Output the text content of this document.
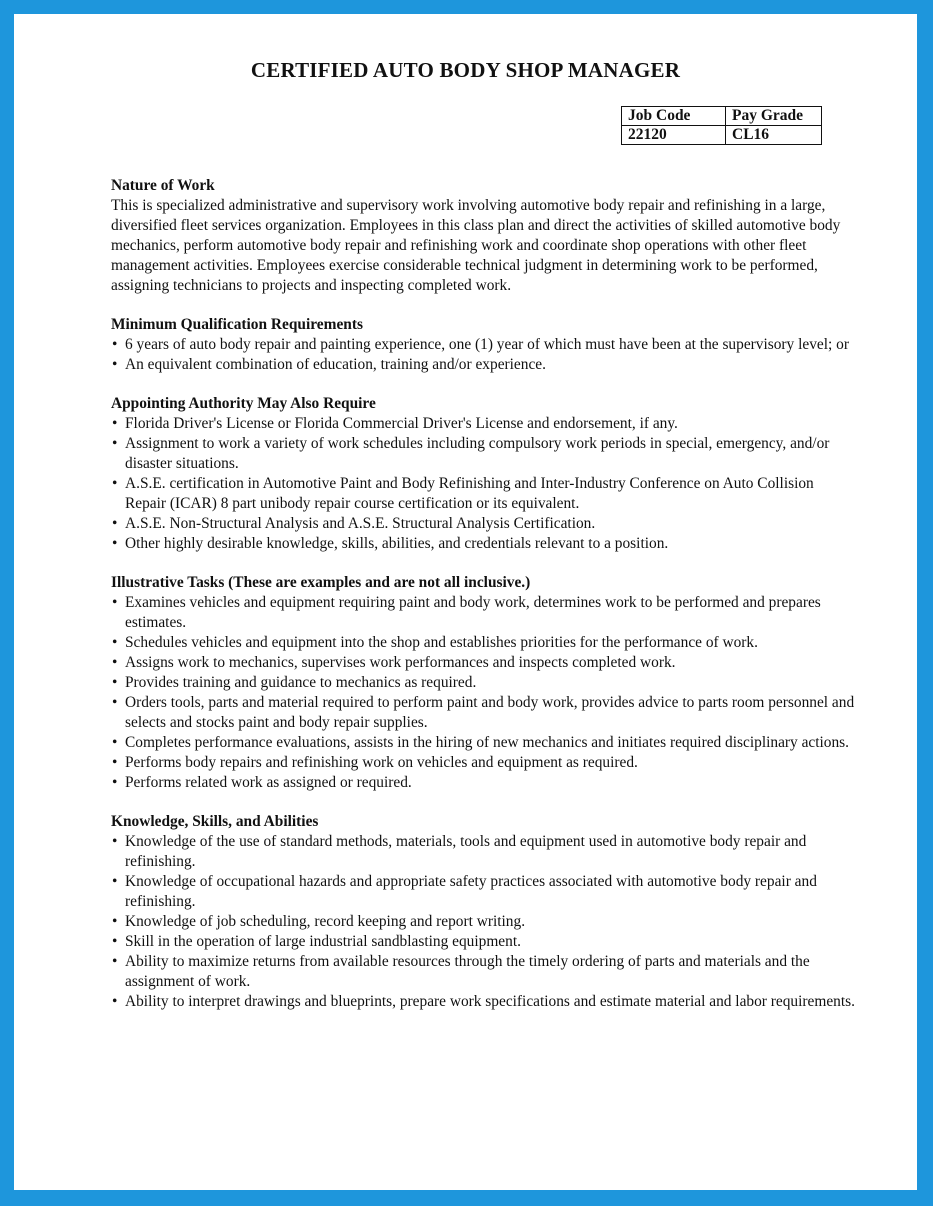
CERTIFIED AUTO BODY SHOP MANAGER
Job Code	Pay Grade
22120	CL16
Nature of Work

This is specialized administrative and supervisory work involving automotive body repair and refinishing in a large, diversified fleet services organization. Employees in this class plan and direct the activities of skilled automotive body mechanics, perform automotive body repair and refinishing work and coordinate shop operations with other fleet management activities. Employees exercise considerable technical judgment in determining work to be performed, assigning technicians to projects and inspecting completed work.

Minimum Qualification Requirements
• 6 years of auto body repair and painting experience, one (1) year of which must have been at the supervisory level; or
• An equivalent combination of education, training and/or experience.
Appointing Authority May Also Require
• Florida Driver's License or Florida Commercial Driver's License and endorsement, if any.
• Assignment to work a variety of work schedules including compulsory work periods in special, emergency, and/or disaster situations.
• A.S.E. certification in Automotive Paint and Body Refinishing and Inter-Industry Conference on Auto Collision Repair (ICAR) 8 part unibody repair course certification or its equivalent.
• A.S.E. Non-Structural Analysis and A.S.E. Structural Analysis Certification.
• Other highly desirable knowledge, skills, abilities, and credentials relevant to a position.
Illustrative Tasks (These are examples and are not all inclusive.)
• Examines vehicles and equipment requiring paint and body work, determines work to be performed and prepares estimates.
• Schedules vehicles and equipment into the shop and establishes priorities for the performance of work.
• Assigns work to mechanics, supervises work performances and inspects completed work.
• Provides training and guidance to mechanics as required.
• Orders tools, parts and material required to perform paint and body work, provides advice to parts room personnel and selects and stocks paint and body repair supplies.
• Completes performance evaluations, assists in the hiring of new mechanics and initiates required disciplinary actions.
• Performs body repairs and refinishing work on vehicles and equipment as required.
• Performs related work as assigned or required.
Knowledge, Skills, and Abilities
• Knowledge of the use of standard methods, materials, tools and equipment used in automotive body repair and refinishing.
• Knowledge of occupational hazards and appropriate safety practices associated with automotive body repair and refinishing.
• Knowledge of job scheduling, record keeping and report writing.
• Skill in the operation of large industrial sandblasting equipment.
• Ability to maximize returns from available resources through the timely ordering of parts and materials and the assignment of work.
• Ability to interpret drawings and blueprints, prepare work specifications and estimate material and labor requirements.
